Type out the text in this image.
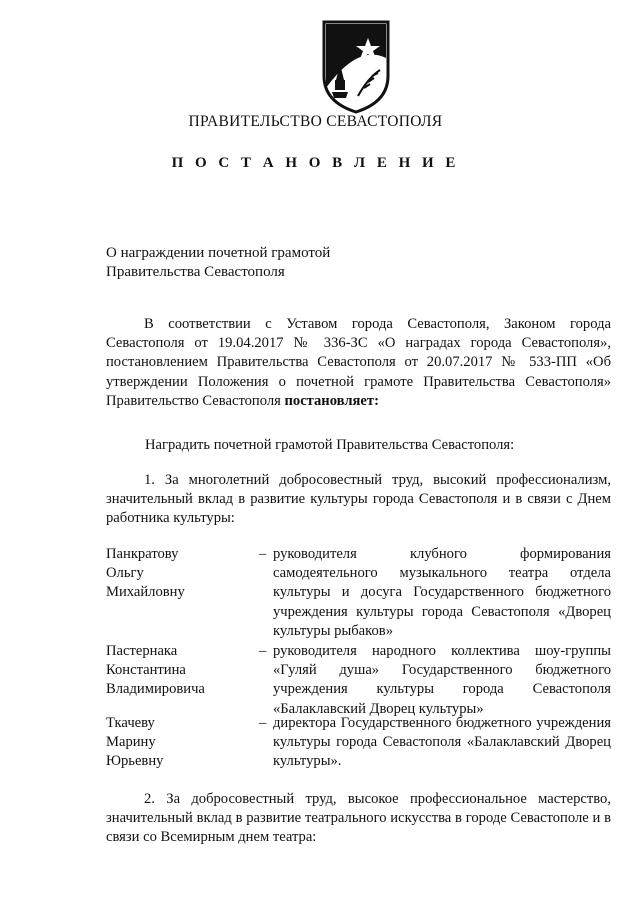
ПРАВИТЕЛЬСТВО СЕВАСТОПОЛЯ
П О С Т А Н О В Л Е Н И Е
О награждении почетной грамотой
Правительства Севастополя
В соответствии с Уставом города Севастополя, Законом города Севастополя от 19.04.2017 № 336-ЗС «О наградах города Севастополя», постановлением Правительства Севастополя от 20.07.2017 № 533-ПП «Об утверждении Положения о почетной грамоте Правительства Севастополя» Правительство Севастополя постановляет:
Наградить почетной грамотой Правительства Севастополя:
1. За многолетний добросовестный труд, высокий профессионализм, значительный вклад в развитие культуры города Севастополя и в связи с Днем работника культуры:
Панкратову
Ольгу
Михайловну
– руководителя клубного формирования самодеятельного музыкального театра отдела культуры и досуга Государственного бюджетного учреждения культуры города Севастополя «Дворец культуры рыбаков»
Пастернака
Константина
Владимировича
– руководителя народного коллектива шоу-группы «Гуляй душа» Государственного бюджетного учреждения культуры города Севастополя «Балаклавский Дворец культуры»
Ткачеву
Марину
Юрьевну
– директора Государственного бюджетного учреждения культуры города Севастополя «Балаклавский Дворец культуры».
2. За добросовестный труд, высокое профессиональное мастерство, значительный вклад в развитие театрального искусства в городе Севастополе и в связи со Всемирным днем театра:
